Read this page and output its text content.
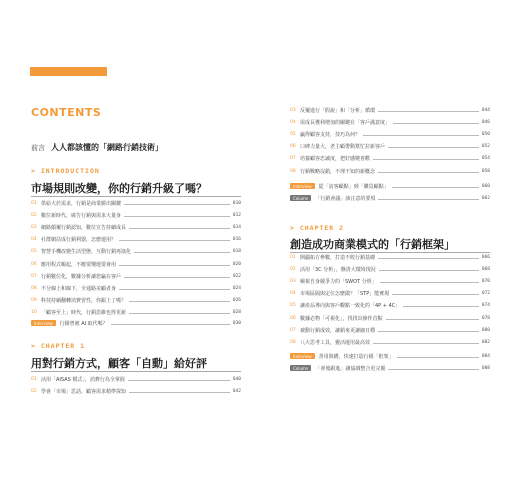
CONTENTS
前言 人人都該懂的「網路行銷技術」
> INTRODUCTION
市場規則改變，你的行銷升級了嗎？
01 供給大於需求，行銷是商業勝出關鍵	010
02 數位新時代，廣告行銷與需求大量身	012
03 網路顛覆行銷認知，數位宣告持續成長	014
04 社群網站成行銷利器，怎麼運用？	016
05 智慧手機改變生活型態，互動行銷再演化	018
06 應用程式崛起，不應要懂運要會用	020
07 行銷數位化，數據分析讓您贏在客戶	022
08 不分線上和線下，全通路美顧者身	024
09 科技持續翻轉消費習性，你跟上了嗎？	026
10 「顧客至上」時代，行銷思維也得更新	028
Interview	行銷曾被 AI 取代嗎？	030
> CHAPTER 1
用對行銷方式，顧客「自動」給好評
01 活用「AISAS 模式」，消費行為全掌握	040
02 學會「市場」思話，顧客需求精準探知	042
03 反覆進行「假說」和「分析」循環	044
04 需成長獲利增加的關鍵在「客戶滿意度」	046
05 贏得顧客支持，技巧為何？	050
06 口碑力量大，老主顧帶動幫忙拉新客戶	052
07 培養顧客忠誠度，把好感變喜歡	054
08 行銷戰略沒錯，不理不知的新概念	058
Interview	從「訪客顧點」到「購買顧點」	060
Column	「行銷會議」該注意的要項	062
> CHAPTER 2
創造成功商業模式的「行銷框架」
01 開疆拓方參數，打造不敗行銷基礎	066
02 活用「3C 分析」，盤清大環境現況	068
03 檢視自身競爭力的「SWOT 分析」	070
04 市場區隔與定位怎麼做？「STP」能實現	072
05 讓產品導向與客戶觀點一致化的「4P + 4C」	074
06 數據必物「可視化」，找找出操作首點	078
07 被動行銷成效，讓銷來更讓細且穩	080
08 八大思考工具，靈活運用最高效	082
Interview	善用與構，快速打造行銷「框架」	084
Column	「會後跟進」讓協調整合更完備	088
